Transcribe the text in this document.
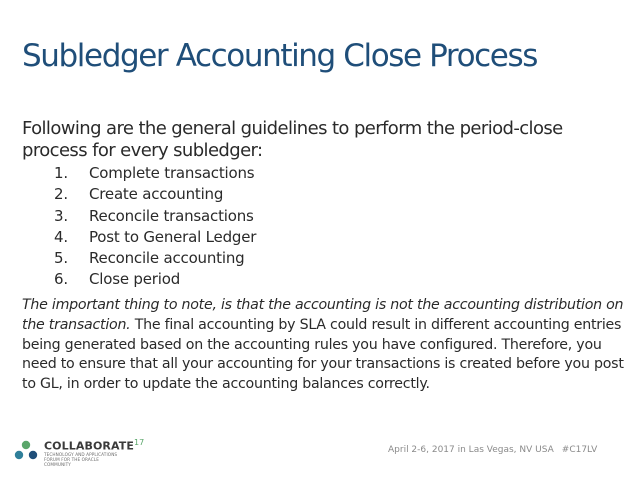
Subledger Accounting Close Process
Following are the general guidelines to perform the period-close process for every subledger:
1.	Complete transactions
2.	Create accounting
3.	Reconcile transactions
4.	Post to General Ledger
5.	Reconcile accounting
6.	Close period
The important thing to note, is that the accounting is not the accounting distribution on the transaction. The final accounting by SLA could result in different accounting entries being generated based on the accounting rules you have configured. Therefore, you need to ensure that all your accounting for your transactions is created before you post to GL, in order to update the accounting balances correctly.
COLLABORATE$^{17}$
TECHNOLOGY AND APPLICATIONS FORUM FOR THE ORACLE COMMUNITY
April 2-6, 2017 in Las Vegas, NV USA #C17LV
